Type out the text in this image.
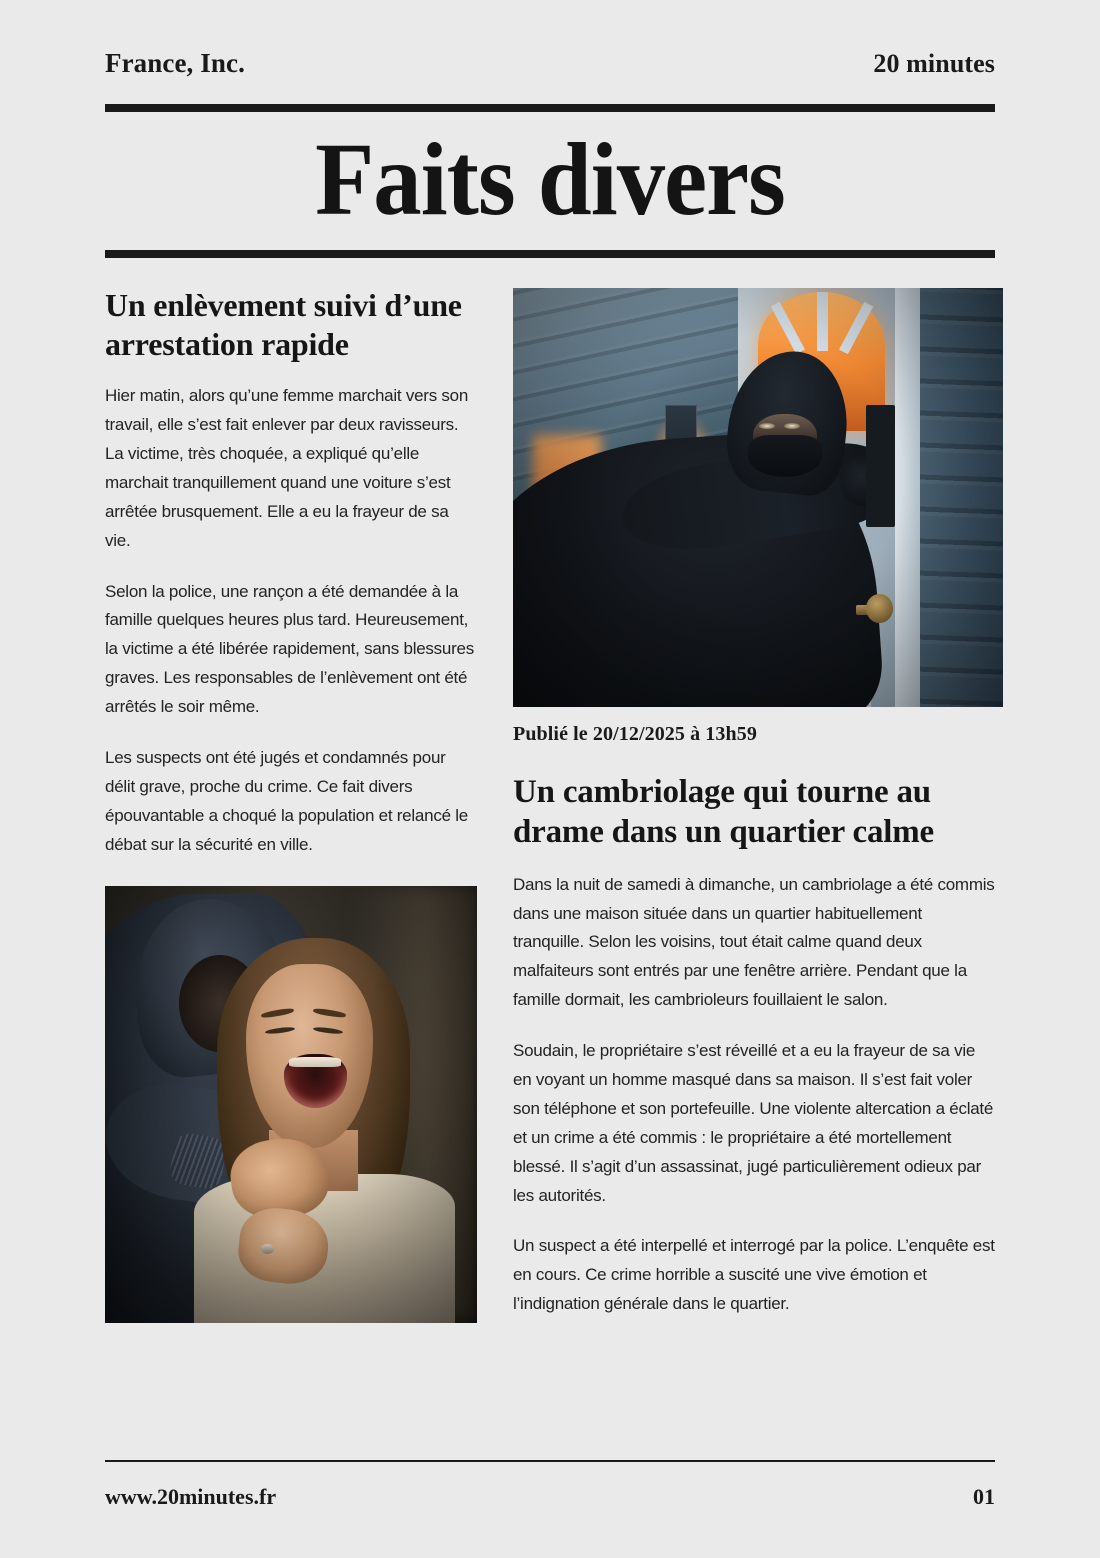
France, Inc.	20 minutes
Faits divers
Un enlèvement suivi d’une arrestation rapide

Hier matin, alors qu’une femme marchait vers son travail, elle s’est fait enlever par deux ravisseurs. La victime, très choquée, a expliqué qu’elle marchait tranquillement quand une voiture s’est arrêtée brusquement. Elle a eu la frayeur de sa vie.

Selon la police, une rançon a été demandée à la famille quelques heures plus tard. Heureusement, la victime a été libérée rapidement, sans blessures graves. Les responsables de l’enlèvement ont été arrêtés le soir même.

Les suspects ont été jugés et condamnés pour délit grave, proche du crime. Ce fait divers épouvantable a choqué la population et relancé le débat sur la sécurité en ville.

Publié le 20/12/2025 à 13h59
Un cambriolage qui tourne au drame dans un quartier calme

Dans la nuit de samedi à dimanche, un cambriolage a été commis dans une maison située dans un quartier habituellement tranquille. Selon les voisins, tout était calme quand deux malfaiteurs sont entrés par une fenêtre arrière. Pendant que la famille dormait, les cambrioleurs fouillaient le salon.

Soudain, le propriétaire s’est réveillé et a eu la frayeur de sa vie en voyant un homme masqué dans sa maison. Il s’est fait voler son téléphone et son portefeuille. Une violente altercation a éclaté et un crime a été commis : le propriétaire a été mortellement blessé. Il s’agit d’un assassinat, jugé particulièrement odieux par les autorités.

Un suspect a été interpellé et interrogé par la police. L’enquête est en cours. Ce crime horrible a suscité une vive émotion et l’indignation générale dans le quartier.

www.20minutes.fr	01
